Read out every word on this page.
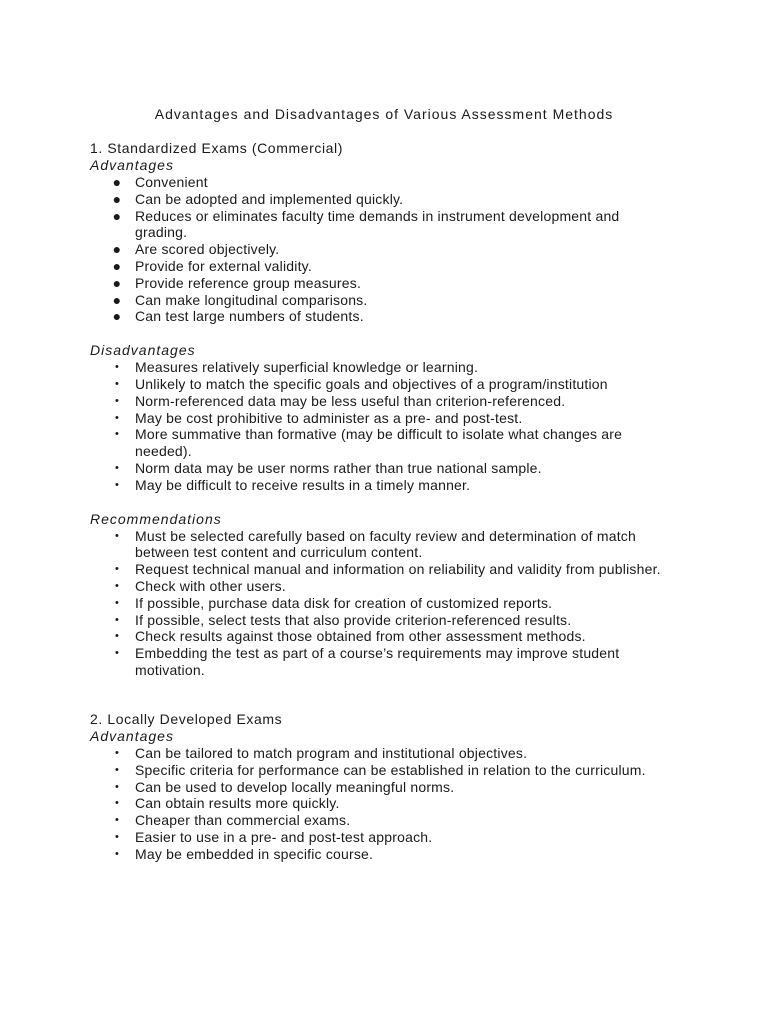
Advantages and Disadvantages of Various Assessment Methods
1. Standardized Exams (Commercial)
Advantages
● Convenient
● Can be adopted and implemented quickly.
● Reduces or eliminates faculty time demands in instrument development and grading.
● Are scored objectively.
● Provide for external validity.
● Provide reference group measures.
● Can make longitudinal comparisons.
● Can test large numbers of students.
Disadvantages
•	Measures relatively superficial knowledge or learning.
•	Unlikely to match the specific goals and objectives of a program/institution
•	Norm-referenced data may be less useful than criterion-referenced.
•	May be cost prohibitive to administer as a pre- and post-test.
•	More summative than formative (may be difficult to isolate what changes are needed).
•	Norm data may be user norms rather than true national sample.
•	May be difficult to receive results in a timely manner.
Recommendations
•	Must be selected carefully based on faculty review and determination of match between test content and curriculum content.
•	Request technical manual and information on reliability and validity from publisher.
•	Check with other users.
•	If possible, purchase data disk for creation of customized reports.
•	If possible, select tests that also provide criterion-referenced results.
•	Check results against those obtained from other assessment methods.
•	Embedding the test as part of a course’s requirements may improve student motivation.
2. Locally Developed Exams
Advantages
•	Can be tailored to match program and institutional objectives.
•	Specific criteria for performance can be established in relation to the curriculum.
•	Can be used to develop locally meaningful norms.
•	Can obtain results more quickly.
•	Cheaper than commercial exams.
•	Easier to use in a pre- and post-test approach.
•	May be embedded in specific course.
